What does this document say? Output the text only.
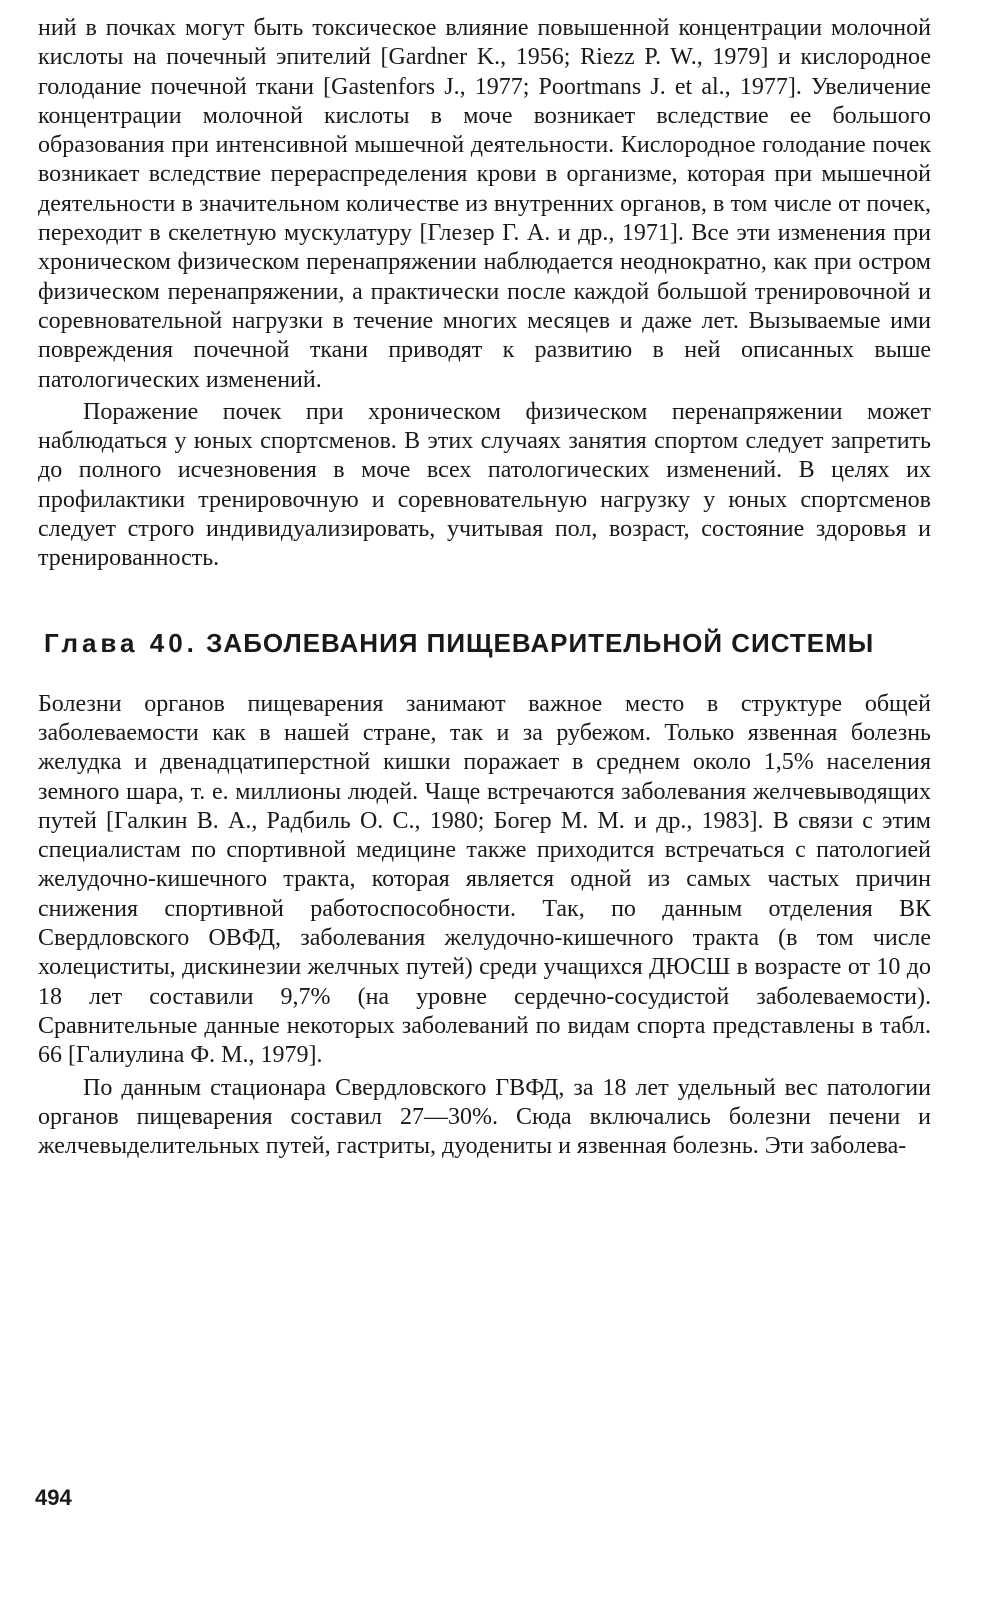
ний в почках могут быть токсическое влияние повышенной концентрации молочной кислоты на почечный эпителий [Gardner K., 1956; Riezz P. W., 1979] и кислородное голодание почечной ткани [Gastenfors J., 1977; Poortmans J. et al., 1977]. Увеличение концентрации молочной кислоты в моче возникает вследствие ее большого образования при интенсивной мышечной деятельности. Кислородное голодание почек возникает вследствие перераспределения крови в организме, которая при мышечной деятельности в значительном количестве из внутренних органов, в том числе от почек, переходит в скелетную мускулатуру [Глезер Г. А. и др., 1971]. Все эти изменения при хроническом физическом перенапряжении наблюдается неоднократно, как при остром физическом перенапряжении, а практически после каждой большой тренировочной и соревновательной нагрузки в течение многих месяцев и даже лет. Вызываемые ими повреждения почечной ткани приводят к развитию в ней описанных выше патологических изменений.

Поражение почек при хроническом физическом перенапряжении может наблюдаться у юных спортсменов. В этих случаях занятия спортом следует запретить до полного исчезновения в моче всех патологических изменений. В целях их профилактики тренировочную и соревновательную нагрузку у юных спортсменов следует строго индивидуализировать, учитывая пол, возраст, состояние здоровья и тренированность.

Глава 40. ЗАБОЛЕВАНИЯ ПИЩЕВАРИТЕЛЬНОЙ СИСТЕМЫ

Болезни органов пищеварения занимают важное место в структуре общей заболеваемости как в нашей стране, так и за рубежом. Только язвенная болезнь желудка и двенадцатиперстной кишки поражает в среднем около 1,5% населения земного шара, т. е. миллионы людей. Чаще встречаются заболевания желчевыводящих путей [Галкин В. А., Радбиль О. С., 1980; Богер М. М. и др., 1983]. В связи с этим специалистам по спортивной медицине также приходится встречаться с патологией желудочно-кишечного тракта, которая является одной из самых частых причин снижения спортивной работоспособности. Так, по данным отделения ВК Свердловского ОВФД, заболевания желудочно-кишечного тракта (в том числе холециститы, дискинезии желчных путей) среди учащихся ДЮСШ в возрасте от 10 до 18 лет составили 9,7% (на уровне сердечно-сосудистой заболеваемости). Сравнительные данные некоторых заболеваний по видам спорта представлены в табл. 66 [Галиулина Ф. М., 1979].

По данным стационара Свердловского ГВФД, за 18 лет удельный вес патологии органов пищеварения составил 27—30%. Сюда включались болезни печени и желчевыделительных путей, гастриты, дуодениты и язвенная болезнь. Эти заболева-

494
